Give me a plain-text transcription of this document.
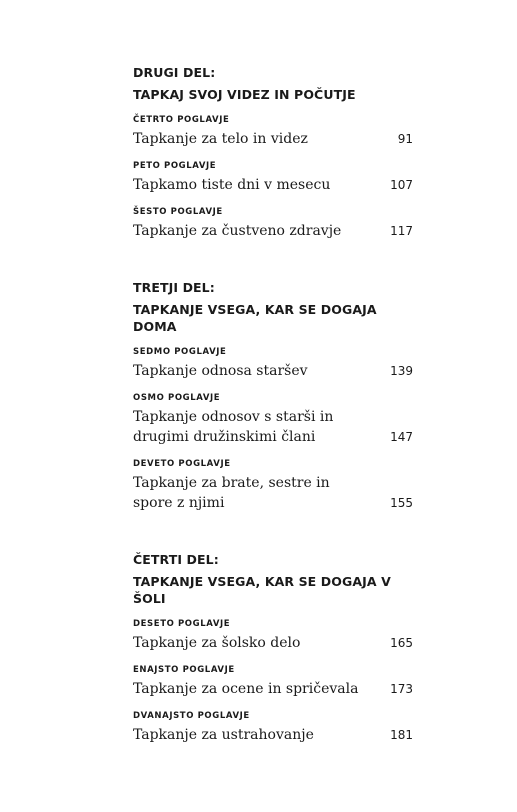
DRUGI DEL:
TAPKAJ SVOJ VIDEZ IN POČUTJE
ČETRTO POGLAVJE
Tapkanje za telo in videz	91
PETO POGLAVJE
Tapkamo tiste dni v mesecu	107
ŠESTO POGLAVJE
Tapkanje za čustveno zdravje	117
TRETJI DEL:
TAPKANJE VSEGA, KAR SE DOGAJA DOMA
SEDMO POGLAVJE
Tapkanje odnosa staršev	139
OSMO POGLAVJE
Tapkanje odnosov s starši in drugimi družinskimi člani	147
DEVETO POGLAVJE
Tapkanje za brate, sestre in spore z njimi	155
ČETRTI DEL:
TAPKANJE VSEGA, KAR SE DOGAJA V ŠOLI
DESETO POGLAVJE
Tapkanje za šolsko delo	165
ENAJSTO POGLAVJE
Tapkanje za ocene in spričevala	173
DVANAJSTO POGLAVJE
Tapkanje za ustrahovanje	181
